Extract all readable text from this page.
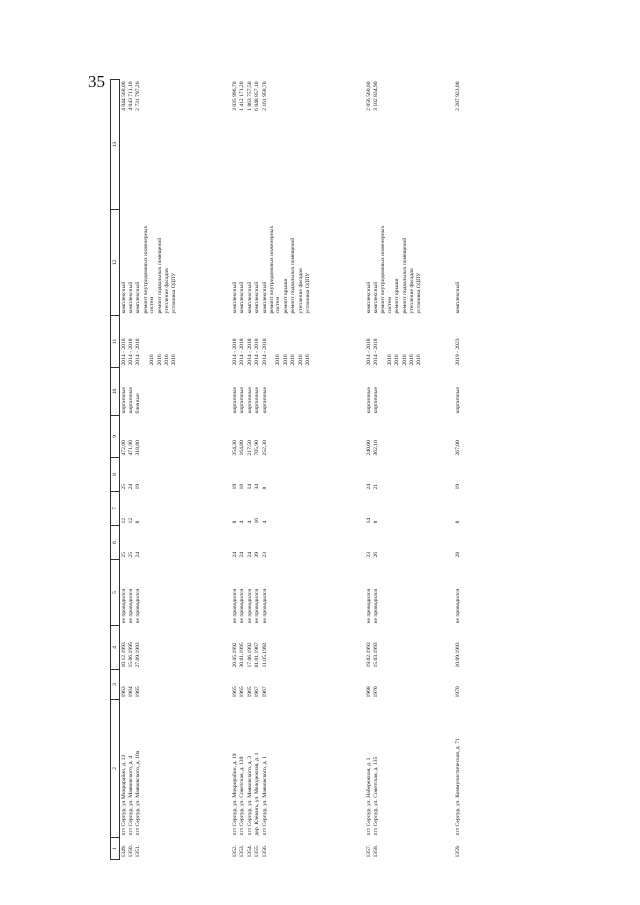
35
1	2	3	4	5	6	7	8	9	10	11	12	13
1349.	пгт Серпур, ул Микрорайон, д. 13	1963	10.12.1993	не проводился	25	12	25	472,00	кирпичные	2014 - 2018	комплексный	4 044 568,00
1350.	пгт Серпур, ул. Маяковского, д. 4	1964	15.06.1995	не проводился	25	12	24	471,90	кирпичные	2014 - 2018	комплексный	4 043 711,10
1351.	пгт Серпур, ул. Маяковского, д. 10а	1965	27.09.1993	не проводился	24	8	19	318,80	блочные	2014 - 2018	комплексный	2 731 797,20
										2016	ремонт внутридомовых инженерных систем	
										2016	ремонт подвальных помещений	
										2016	утепление фасадов	
										2016	установка ОДПУ	

1352.	пгт Серпур, ул. Микрорайон, д. 19	1965	20.05.1992	не проводился	24	8	19	354,30	кирпичные	2014 - 2018	комплексный	3 035 996,70
1353.	пгт Серпур, ул. Советская, д. 139	1965	30.01.1995	не проводился	24	4	18	164,80	кирпичные	2014 - 2018	комплексный	1 412 171,20
1354.	пгт Серпур, ул. Маяковского, д. 3	1965	17.06.1992	не проводился	24	4	14	217,50	кирпичные	2014 - 2018	комплексный	1 863 757,50
1355.	дер. Клевань, ул. Молодежная, д. 1	1967	01.01.1967	не проводился	39	16	34	705,90	кирпичные	2014 - 2018	комплексный	6 048 857,10
1356.	пгт Серпур, ул. Маяковского, д. 1	1967	11.05.1992	не проводился	23	4	8	252,30	кирпичные	2014 - 2018	комплексный	2 161 958,70
										2016	ремонт внутридомовых инженерных систем	
										2016	ремонт крыши	
										2016	ремонт подвальных помещений	
										2016	утепление фасадов	
										2016	установка ОДПУ	

1357.	пгт Серпур, ул. Набережная, д. 1	1968	19.02.1993	не проводился	23	14	24	240,00	кирпичные	2014 - 2018	комплексный	2 056 560,00
1358.	пгт Серпур, ул. Советская, д. 135	1970	15.03.1993	не проводился	26	8	21	362,10	кирпичные	2014 - 2018	комплексный	3 102 834,90
										2016	ремонт внутридомовых инженерных систем	
										2016	ремонт крыши	
										2016	ремонт подвальных помещений	
										2016	утепление фасадов	
										2016	установка ОДПУ	

1359.	пгт Серпур, ул. Коммунистическая, д. 71	1970	10.09.1993	не проводился	28	8	19	267,00	кирпичные	2019 - 2023	комплексный	2 287 923,00
